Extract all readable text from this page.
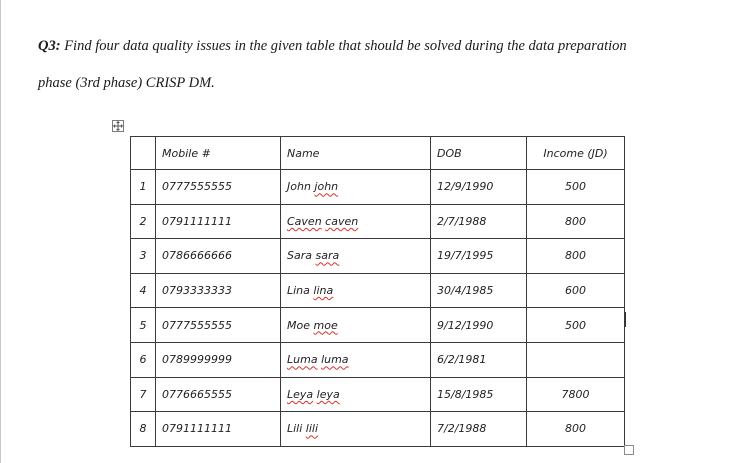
Q3: Find four data quality issues in the given table that should be solved during the data preparation
phase (3rd phase) CRISP DM.
	Mobile #	Name	DOB	Income (JD)
1	0777555555	John john	12/9/1990	500
2	0791111111	Caven caven	2/7/1988	800
3	0786666666	Sara sara	19/7/1995	800
4	0793333333	Lina lina	30/4/1985	600
5	0777555555	Moe moe	9/12/1990	500
6	0789999999	Luma luma	6/2/1981	
7	0776665555	Leya leya	15/8/1985	7800
8	0791111111	Lili lili	7/2/1988	800
